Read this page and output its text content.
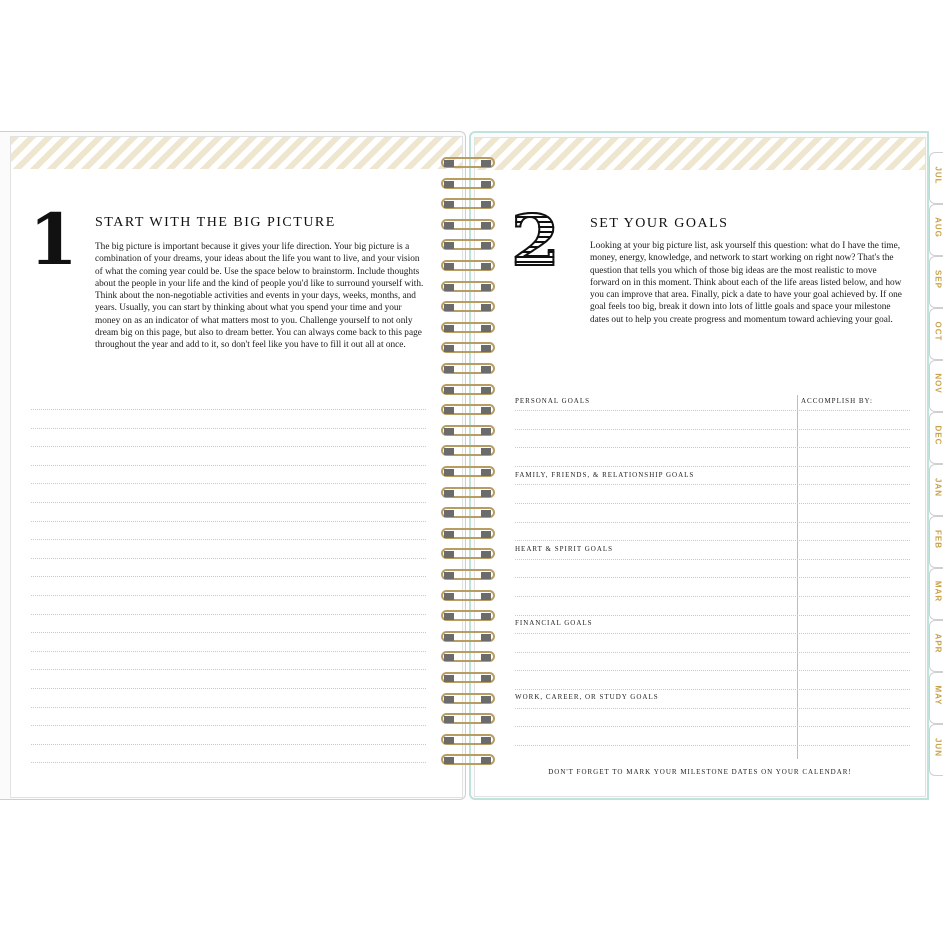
1 START WITH THE BIG PICTURE
The big picture is important because it gives your life direction. Your big picture is a combination of your dreams, your ideas about the life you want to live, and your vision of what the coming year could be. Use the space below to brainstorm. Include thoughts about the people in your life and the kind of people you'd like to surround yourself with. Think about the non-negotiable activities and events in your days, weeks, months, and years. Usually, you can start by thinking about what you spend your time and your money on as an indicator of what matters most to you. Challenge yourself to not only dream big on this page, but also to dream better. You can always come back to this page throughout the year and add to it, so don't feel like you have to fill it out all at once.
2 SET YOUR GOALS
Looking at your big picture list, ask yourself this question: what do I have the time, money, energy, knowledge, and network to start working on right now? That's the question that tells you which of those big ideas are the most realistic to move forward on in this moment. Think about each of the life areas listed below, and how you can improve that area. Finally, pick a date to have your goal achieved by. If one goal feels too big, break it down into lots of little goals and space your milestone dates out to help you create progress and momentum toward achieving your goal.
ACCOMPLISH BY:
PERSONAL GOALS
FAMILY, FRIENDS, & RELATIONSHIP GOALS
HEART & SPIRIT GOALS
FINANCIAL GOALS
WORK, CAREER, OR STUDY GOALS
DON'T FORGET TO MARK YOUR MILESTONE DATES ON YOUR CALENDAR!
JUL
AUG
SEP
OCT
NOV
DEC
JAN
FEB
MAR
APR
MAY
JUN
